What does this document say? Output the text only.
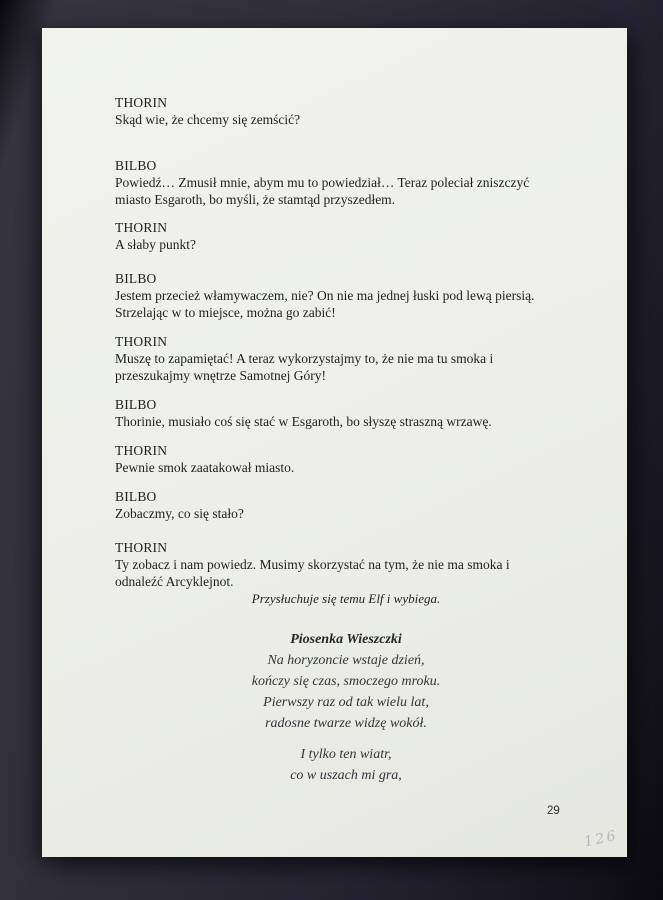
THORIN
Skąd wie, że chcemy się zemścić?
BILBO
Powiedź… Zmusił mnie, abym mu to powiedział… Teraz poleciał zniszczyć
miasto Esgaroth, bo myśli, że stamtąd przyszedłem.
THORIN
A słaby punkt?
BILBO
Jestem przecież włamywaczem, nie? On nie ma jednej łuski pod lewą piersią.
Strzelając w to miejsce, można go zabić!
THORIN
Muszę to zapamiętać! A teraz wykorzystajmy to, że nie ma tu smoka i
przeszukajmy wnętrze Samotnej Góry!
BILBO
Thorinie, musiało coś się stać w Esgaroth, bo słyszę straszną wrzawę.
THORIN
Pewnie smok zaatakował miasto.
BILBO
Zobaczmy, co się stało?
THORIN
Ty zobacz i nam powiedz. Musimy skorzystać na tym, że nie ma smoka i
odnaleźć Arcyklejnot.
Przysłuchuje się temu Elf i wybiega.
Piosenka Wieszczki
Na horyzoncie wstaje dzień,
kończy się czas, smoczego mroku.
Pierwszy raz od tak wielu lat,
radosne twarze widzę wokół.
I tylko ten wiatr,
co w uszach mi gra,
29
126
